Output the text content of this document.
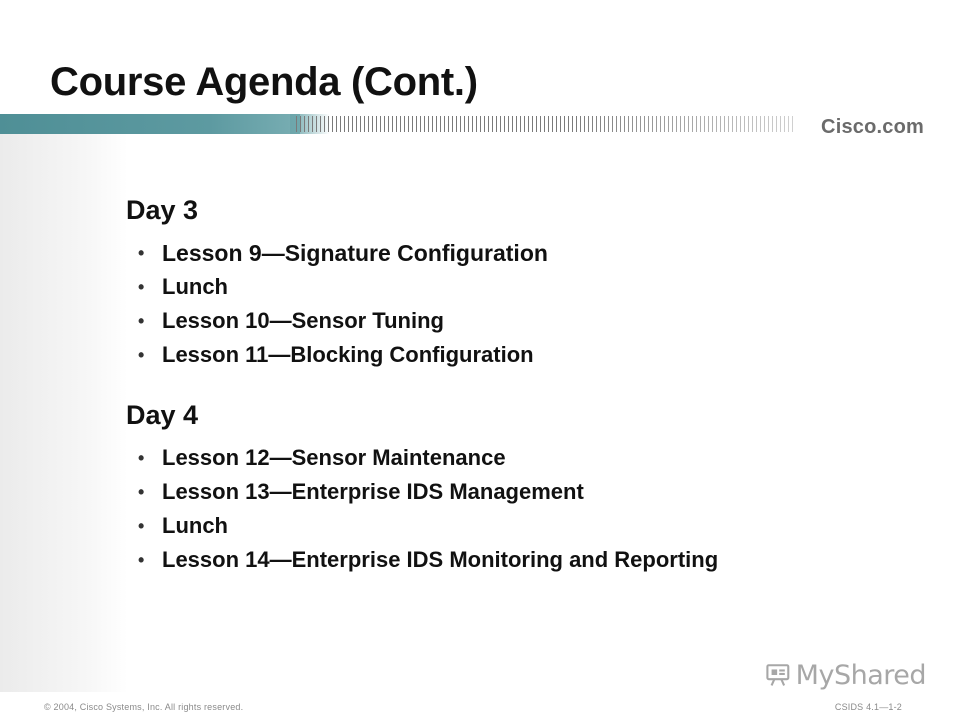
Course Agenda (Cont.)
Cisco.com
Day 3
• Lesson 9—Signature Configuration
• Lunch
• Lesson 10—Sensor Tuning
• Lesson 11—Blocking Configuration
Day 4
• Lesson 12—Sensor Maintenance
• Lesson 13—Enterprise IDS Management
• Lunch
• Lesson 14—Enterprise IDS Monitoring and Reporting
MyShared
© 2004, Cisco Systems, Inc. All rights reserved.	CSIDS 4.1—1-2
